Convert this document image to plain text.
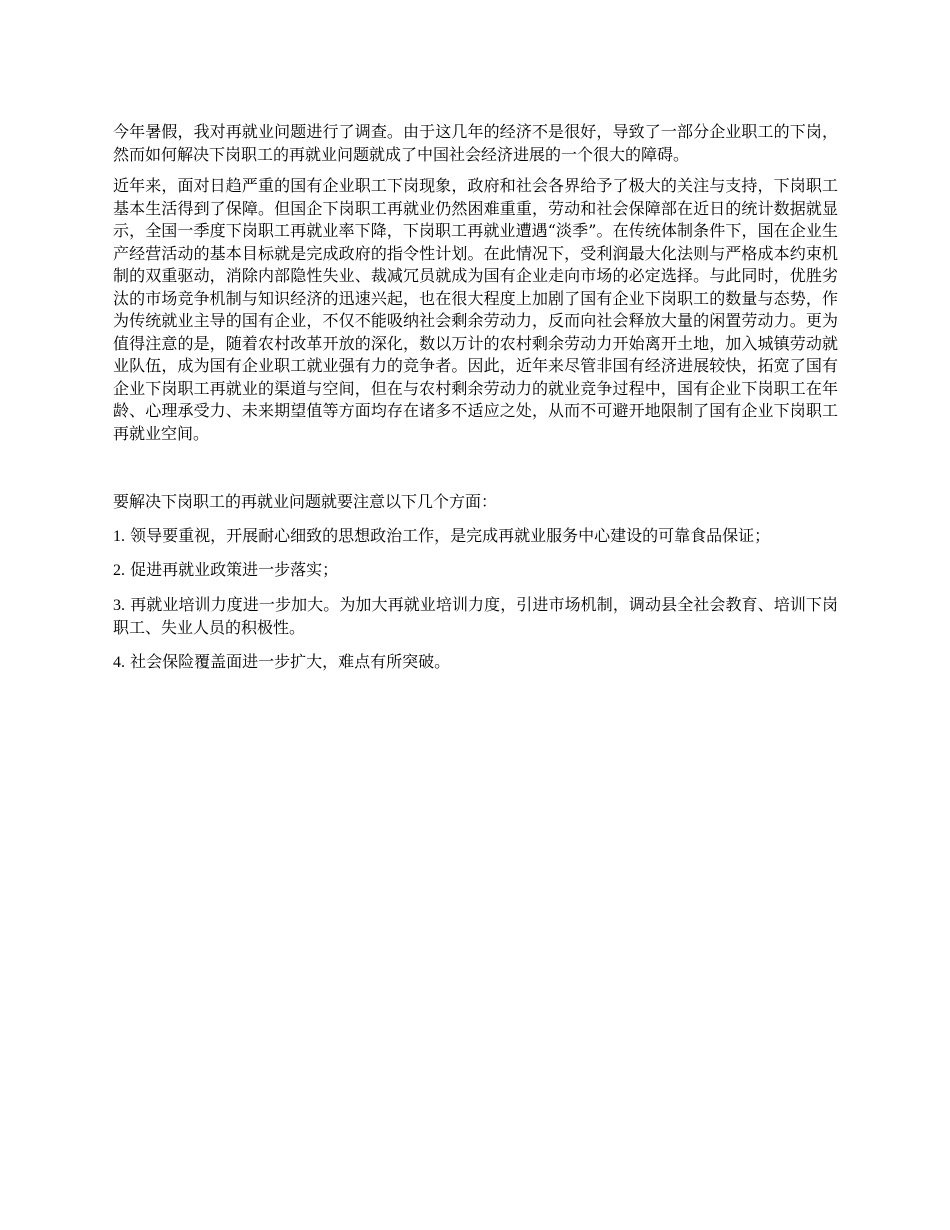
今年暑假，我对再就业问题进行了调查。由于这几年的经济不是很好，导致了一部分企业职工的下岗，然而如何解决下岗职工的再就业问题就成了中国社会经济进展的一个很大的障碍。

近年来，面对日趋严重的国有企业职工下岗现象，政府和社会各界给予了极大的关注与支持，下岗职工基本生活得到了保障。但国企下岗职工再就业仍然困难重重，劳动和社会保障部在近日的统计数据就显示，全国一季度下岗职工再就业率下降，下岗职工再就业遭遇“淡季”。在传统体制条件下，国在企业生产经营活动的基本目标就是完成政府的指令性计划。在此情况下，受利润最大化法则与严格成本约束机制的双重驱动，消除内部隐性失业、裁减冗员就成为国有企业走向市场的必定选择。与此同时，优胜劣汰的市场竞争机制与知识经济的迅速兴起，也在很大程度上加剧了国有企业下岗职工的数量与态势，作为传统就业主导的国有企业，不仅不能吸纳社会剩余劳动力，反而向社会释放大量的闲置劳动力。更为值得注意的是，随着农村改革开放的深化，数以万计的农村剩余劳动力开始离开土地，加入城镇劳动就业队伍，成为国有企业职工就业强有力的竞争者。因此，近年来尽管非国有经济进展较快，拓宽了国有企业下岗职工再就业的渠道与空间，但在与农村剩余劳动力的就业竞争过程中，国有企业下岗职工在年龄、心理承受力、未来期望值等方面均存在诸多不适应之处，从而不可避开地限制了国有企业下岗职工再就业空间。

要解决下岗职工的再就业问题就要注意以下几个方面：

1. 领导要重视，开展耐心细致的思想政治工作，是完成再就业服务中心建设的可靠食品保证；

2. 促进再就业政策进一步落实；

3. 再就业培训力度进一步加大。为加大再就业培训力度，引进市场机制，调动县全社会教育、培训下岗职工、失业人员的积极性。

4. 社会保险覆盖面进一步扩大，难点有所突破。
